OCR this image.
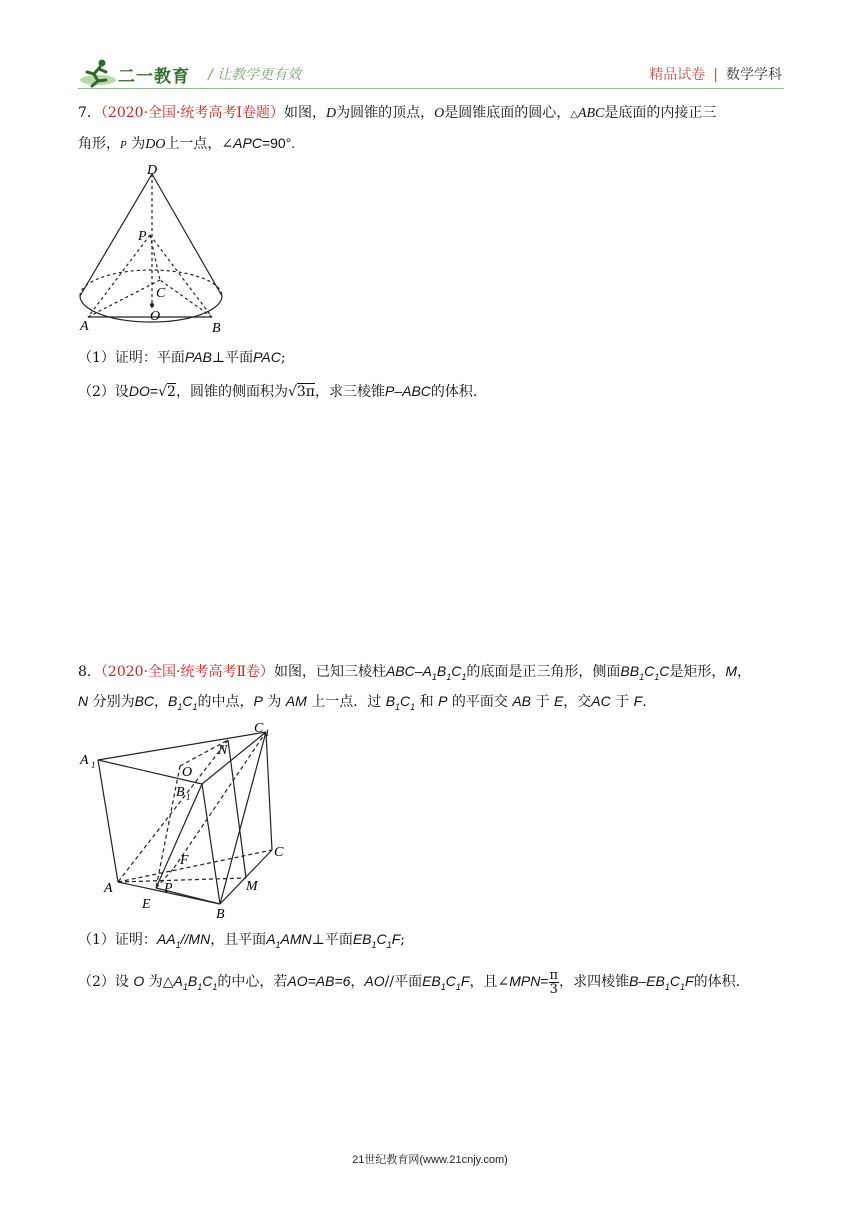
二一教育 / 让教学更有效	精品试卷 | 数学学科
7．（2020·全国·统考高考Ⅰ卷题）如图，D为圆锥的顶点，O是圆锥底面的圆心，△ABC是底面的内接正三
角形，P 为DO上一点，∠APC=90°.
D
P
C
O
A	B
（1）证明：平面PAB⊥平面PAC;
（2）设DO=√2，圆锥的侧面积为√3π，求三棱锥P–ABC的体积.
8．（2020·全国·统考高考Ⅱ卷）如图，已知三棱柱ABC–$A_1B_1C_1$的底面是正三角形，侧面$BB_1C_1C$是矩形，M，
N 分别为BC，$B_1C_1$的中点，P 为 AM 上一点．过 $B_1C_1$ 和 P 的平面交 AB 于 E，交AC 于 F.
A 1
C 1
N
O
B 1
F
A	P	M
C
E
B
（1）证明：$AA_1//MN$，且平面$A_1AMN\perp$平面$EB_1C_1F$;
（2）设 O 为$\triangle A_1B_1C_1$的中心，若AO=AB=6，AO//平面$EB_1C_1F$，且∠MPN= $\frac{\pi}{3}$ ，求四棱锥$B-EB_1C_1F$的体积.
21世纪教育网(www.21cnjy.com)
